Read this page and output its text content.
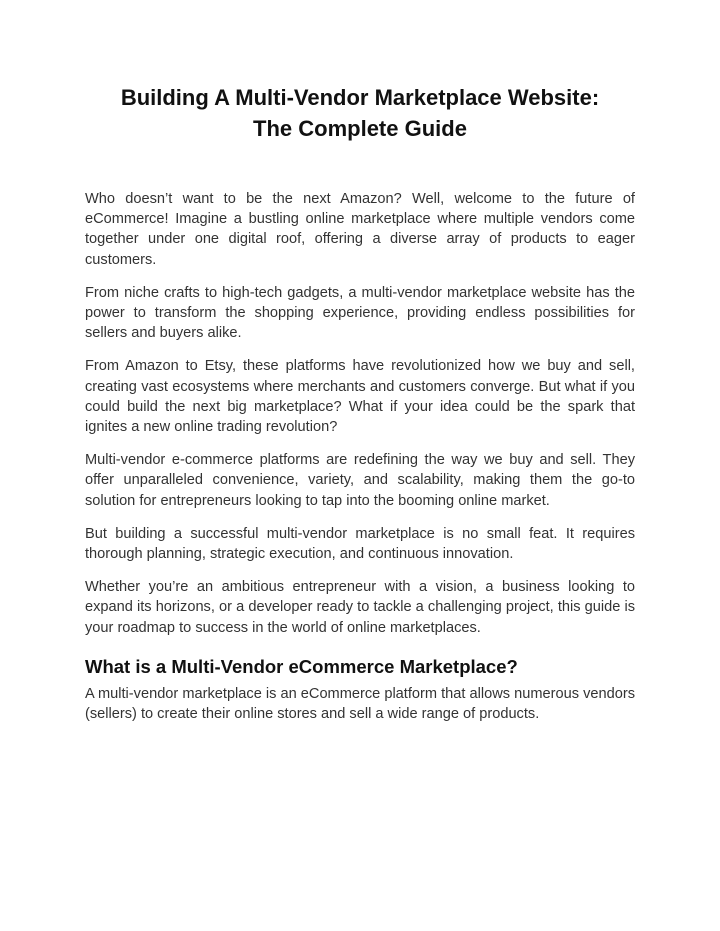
Building A Multi-Vendor Marketplace Website:
The Complete Guide

Who doesn’t want to be the next Amazon? Well, welcome to the future of eCommerce! Imagine a bustling online marketplace where multiple vendors come together under one digital roof, offering a diverse array of products to eager customers.

From niche crafts to high-tech gadgets, a multi-vendor marketplace website has the power to transform the shopping experience, providing endless possibilities for sellers and buyers alike.

From Amazon to Etsy, these platforms have revolutionized how we buy and sell, creating vast ecosystems where merchants and customers converge. But what if you could build the next big marketplace? What if your idea could be the spark that ignites a new online trading revolution?

Multi-vendor e-commerce platforms are redefining the way we buy and sell. They offer unparalleled convenience, variety, and scalability, making them the go-to solution for entrepreneurs looking to tap into the booming online market.

But building a successful multi-vendor marketplace is no small feat. It requires thorough planning, strategic execution, and continuous innovation.

Whether you’re an ambitious entrepreneur with a vision, a business looking to expand its horizons, or a developer ready to tackle a challenging project, this guide is your roadmap to success in the world of online marketplaces.

What is a Multi-Vendor eCommerce Marketplace?

A multi-vendor marketplace is an eCommerce platform that allows numerous vendors (sellers) to create their online stores and sell a wide range of products.
